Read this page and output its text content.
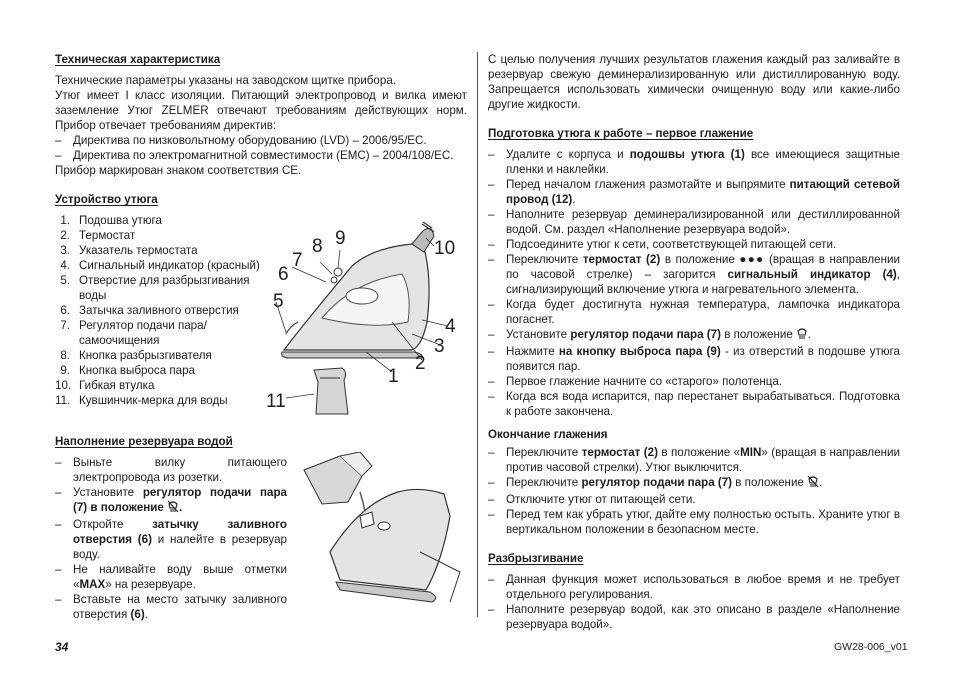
Техническая характеристика

Технические параметры указаны на заводском щитке прибора.

Утюг имеет I класс изоляции. Питающий электропровод и вилка имеют заземление Утюг ZELMER отвечают требованиям действующих норм. Прибор отвечает требованиям директив:

– Директива по низковольтному оборудованию (LVD) – 2006/95/EC.
– Директива по электромагнитной совместимости (EMC) – 2004/108/EC.

Прибор маркирован знаком соответствия CE.

Устройство утюга
1. Подошва утюга
2. Термостат
3. Указатель термостата
4. Сигнальный индикатор (красный)
5. Отверстие для разбрызгивания воды
6. Затычка заливного отверстия
7. Регулятор подачи пара/самоочищения
8. Кнопка разбрызгивателя
9. Кнопка выброса пара
10. Гибкая втулка
11. Кувшинчик-мерка для воды
Наполнение резервуара водой
– Выньте вилку питающего электропровода из розетки.
– Установите регулятор подачи пара (7) в положение .
– Откройте затычку заливного отверстия (6) и налейте в резервуар воду.
– Не наливайте воду выше отметки «MAX» на резервуаре.
– Вставьте на место затычку заливного отверстия (6).
5
6
7
8 9	10
4
3
2
1
11

С целью получения лучших результатов глажения каждый раз заливайте в резервуар свежую деминерализированную или дистиллированную воду. Запрещается использовать химически очищенную воду или какие-либо другие жидкости.

Подготовка утюга к работе – первое глажение
– Удалите с корпуса и подошвы утюга (1) все имеющиеся защитные пленки и наклейки.
– Перед началом глажения размотайте и выпрямите питающий сетевой провод (12).
– Наполните резервуар деминерализированной или дестиллированной водой. См. раздел «Наполнение резервуара водой».
– Подсоедините утюг к сети, соответствующей питающей сети.
– Переключите термостат (2) в положение ●●● (вращая в направлении по часовой стрелке) – загорится сигнальный индикатор (4), сигнализирующий включение утюга и нагревательного элемента.
– Когда будет достигнута нужная температура, лампочка индикатора погаснет.
– Установите регулятор подачи пара (7) в положение .
– Нажмите на кнопку выброса пара (9) - из отверстий в подошве утюга появится пар.
– Первое глажение начните со «старого» полотенца.
– Когда вся вода испарится, пар перестанет вырабатываться. Подготовка к работе закончена.
Окончание глажения
– Переключите термостат (2) в положение «MIN» (вращая в направлении против часовой стрелки). Утюг выключится.
– Переключите регулятор подачи пара (7) в положение .
– Отключите утюг от питающей сети.
– Перед тем как убрать утюг, дайте ему полностью остыть. Храните утюг в вертикальном положении в безопасном месте.
Разбрызгивание
– Данная функция может использоваться в любое время и не требует отдельного регулирования.
– Наполните резервуар водой, как это описано в разделе «Наполнение резервуара водой».
34	GW28-006_v01
